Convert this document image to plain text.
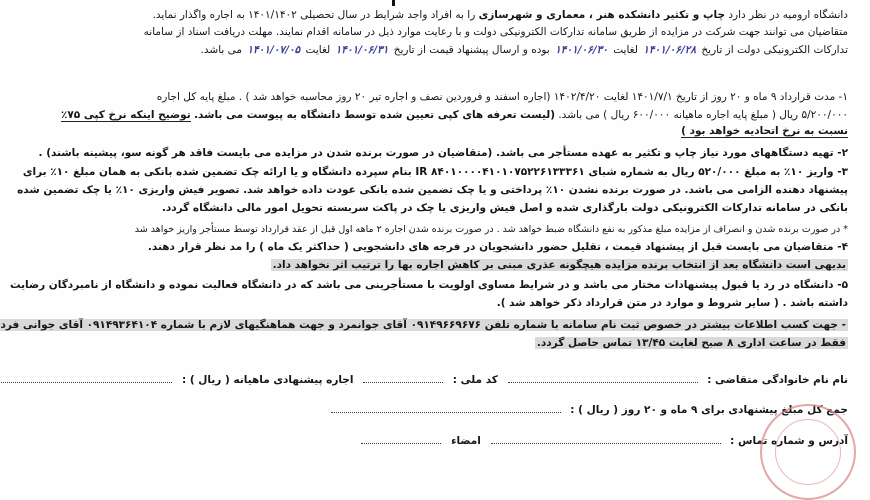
دانشگاه ارومیه در نظر دارد چاپ و تکثیر دانشکده هنر ، معماری و شهرسازی را به افراد واجد شرایط در سال تحصیلی ۱۴۰۱/۱۴۰۲ به اجاره واگذار نماید.
متقاضیان می توانند جهت شرکت در مزایده از طریق سامانه تدارکات الکترونیکی دولت و با رعایت موارد ذیل در سامانه اقدام نمایند. مهلت دریافت اسناد از سامانه
تدارکات الکترونیکی دولت از تاریخ ۱۴۰۱/۰۶/۲۸ لغایت ۱۴۰۱/۰۶/۳۰ بوده و ارسال پیشنهاد قیمت از تاریخ ۱۴۰۱/۰۶/۳۱ لغایت ۱۴۰۱/۰۷/۰۵ می باشد.
۱- مدت قرارداد ۹ ماه و ۲۰ روز از تاریخ ۱۴۰۱/۷/۱ لغایت ۱۴۰۲/۴/۲۰ (اجاره اسفند و فروردین نصف و اجاره تیر ۲۰ روز محاسبه خواهد شد ) . مبلغ پایه کل اجاره
۵/۲۰۰/۰۰۰ ریال ( مبلغ پایه اجاره ماهیانه ۶۰۰/۰۰۰ ریال ) می باشد. (لیست تعرفه های کپی تعیین شده توسط دانشگاه به پیوست می باشد. توضیح اینکه نرخ کپی ۷۵٪
نسبت به نرخ اتحادیه خواهد بود )
۲- تهیه دستگاههای مورد نیاز چاپ و تکثیر به عهده مستأجر می باشد. (متقاضیان در صورت برنده شدن در مزایده می بایست فاقد هر گونه سو، پیشینه باشند) .
۳- واریز ۱۰٪ به مبلغ ۵۲۰/۰۰۰ ریال به شماره شبای IR ۸۴۰۱۰۰۰۰۴۱۰۱۰۷۵۲۲۶۱۳۳۳۶۱ بنام سپرده دانشگاه و یا ارائه چک تضمین شده بانکی به همان مبلغ ۱۰٪ برای
پیشنهاد دهنده الزامی می باشد. در صورت برنده نشدن ۱۰٪ پرداختی و یا چک تضمین شده بانکی عودت داده خواهد شد. تصویر فیش واریزی ۱۰٪ یا چک تضمین شده
بانکی در سامانه تدارکات الکترونیکی دولت بارگذاری شده و اصل فیش واریزی یا چک در پاکت سربسته تحویل امور مالی دانشگاه گردد.
* در صورت برنده شدن و انصراف از مزایده مبلغ مذکور به نفع دانشگاه ضبط خواهد شد . در صورت برنده شدن اجاره ۲ ماهه اول قبل از عقد قرارداد توسط مستأجر واریز خواهد شد
۴- متقاضیان می بایست قبل از پیشنهاد قیمت ، تقلیل حضور دانشجویان در فرجه های دانشجویی ( حداکثر یک ماه ) را مد نظر قرار دهند.
بدیهی است دانشگاه بعد از انتخاب برنده مزایده هیچگونه عذری مبنی بر کاهش اجاره بها را ترتیب اثر نخواهد داد.
۵- دانشگاه در رد یا قبول پیشنهادات مختار می باشد و در شرایط مساوی اولویت با مستأجرینی می باشد که در دانشگاه فعالیت نموده و دانشگاه از نامبردگان رضایت
داشته باشد . ( سایر شروط و موارد در متن قرارداد ذکر خواهد شد ).
- جهت کسب اطلاعات بیشتر در خصوص ثبت نام سامانه با شماره تلفن ۰۹۱۴۹۶۶۹۶۷۶ آقای جوانمرد و جهت هماهنگیهای لازم با شماره ۰۹۱۴۹۳۶۴۱۰۴ آقای جوانی فرد
فقط در ساعت اداری ۸ صبح لغایت ۱۳/۴۵ تماس حاصل گردد.
نام نام خانوادگی متقاضی :  کد ملی :  اجاره پیشنهادی ماهیانه ( ریال ) :
جمع کل مبلغ پیشنهادی برای ۹ ماه و ۲۰ روز ( ریال ) :
آدرس و شماره تماس :  امضاء
